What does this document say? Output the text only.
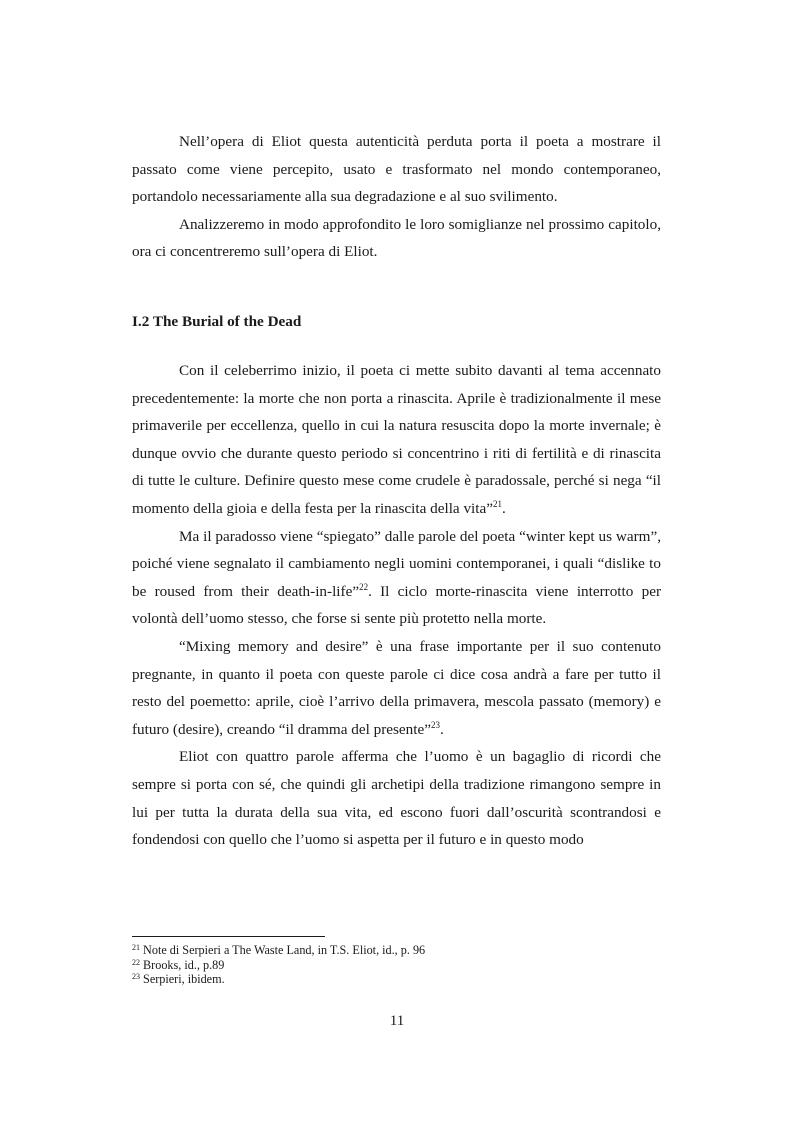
Nell’opera di Eliot questa autenticità perduta porta il poeta a mostrare il passato come viene percepito, usato e trasformato nel mondo contemporaneo, portandolo necessariamente alla sua degradazione e al suo svilimento.

Analizzeremo in modo approfondito le loro somiglianze nel prossimo capitolo, ora ci concentreremo sull’opera di Eliot.

I.2 The Burial of the Dead

Con il celeberrimo inizio, il poeta ci mette subito davanti al tema accennato precedentemente: la morte che non porta a rinascita. Aprile è tradizionalmente il mese primaverile per eccellenza, quello in cui la natura resuscita dopo la morte invernale; è dunque ovvio che durante questo periodo si concentrino i riti di fertilità e di rinascita di tutte le culture. Definire questo mese come crudele è paradossale, perché si nega “il momento della gioia e della festa per la rinascita della vita”$^{21}$.

Ma il paradosso viene “spiegato” dalle parole del poeta “winter kept us warm”, poiché viene segnalato il cambiamento negli uomini contemporanei, i quali “dislike to be roused from their death-in-life”$^{22}$. Il ciclo morte-rinascita viene interrotto per volontà dell’uomo stesso, che forse si sente più protetto nella morte.

“Mixing memory and desire” è una frase importante per il suo contenuto pregnante, in quanto il poeta con queste parole ci dice cosa andrà a fare per tutto il resto del poemetto: aprile, cioè l’arrivo della primavera, mescola passato (memory) e futuro (desire), creando “il dramma del presente”$^{23}$.

Eliot con quattro parole afferma che l’uomo è un bagaglio di ricordi che sempre si porta con sé, che quindi gli archetipi della tradizione rimangono sempre in lui per tutta la durata della sua vita, ed escono fuori dall’oscurità scontrandosi e fondendosi con quello che l’uomo si aspetta per il futuro e in questo modo

$^{21}$ Note di Serpieri a The Waste Land, in T.S. Eliot, id., p. 96

$^{22}$ Brooks, id., p.89

$^{23}$ Serpieri, ibidem.

11
